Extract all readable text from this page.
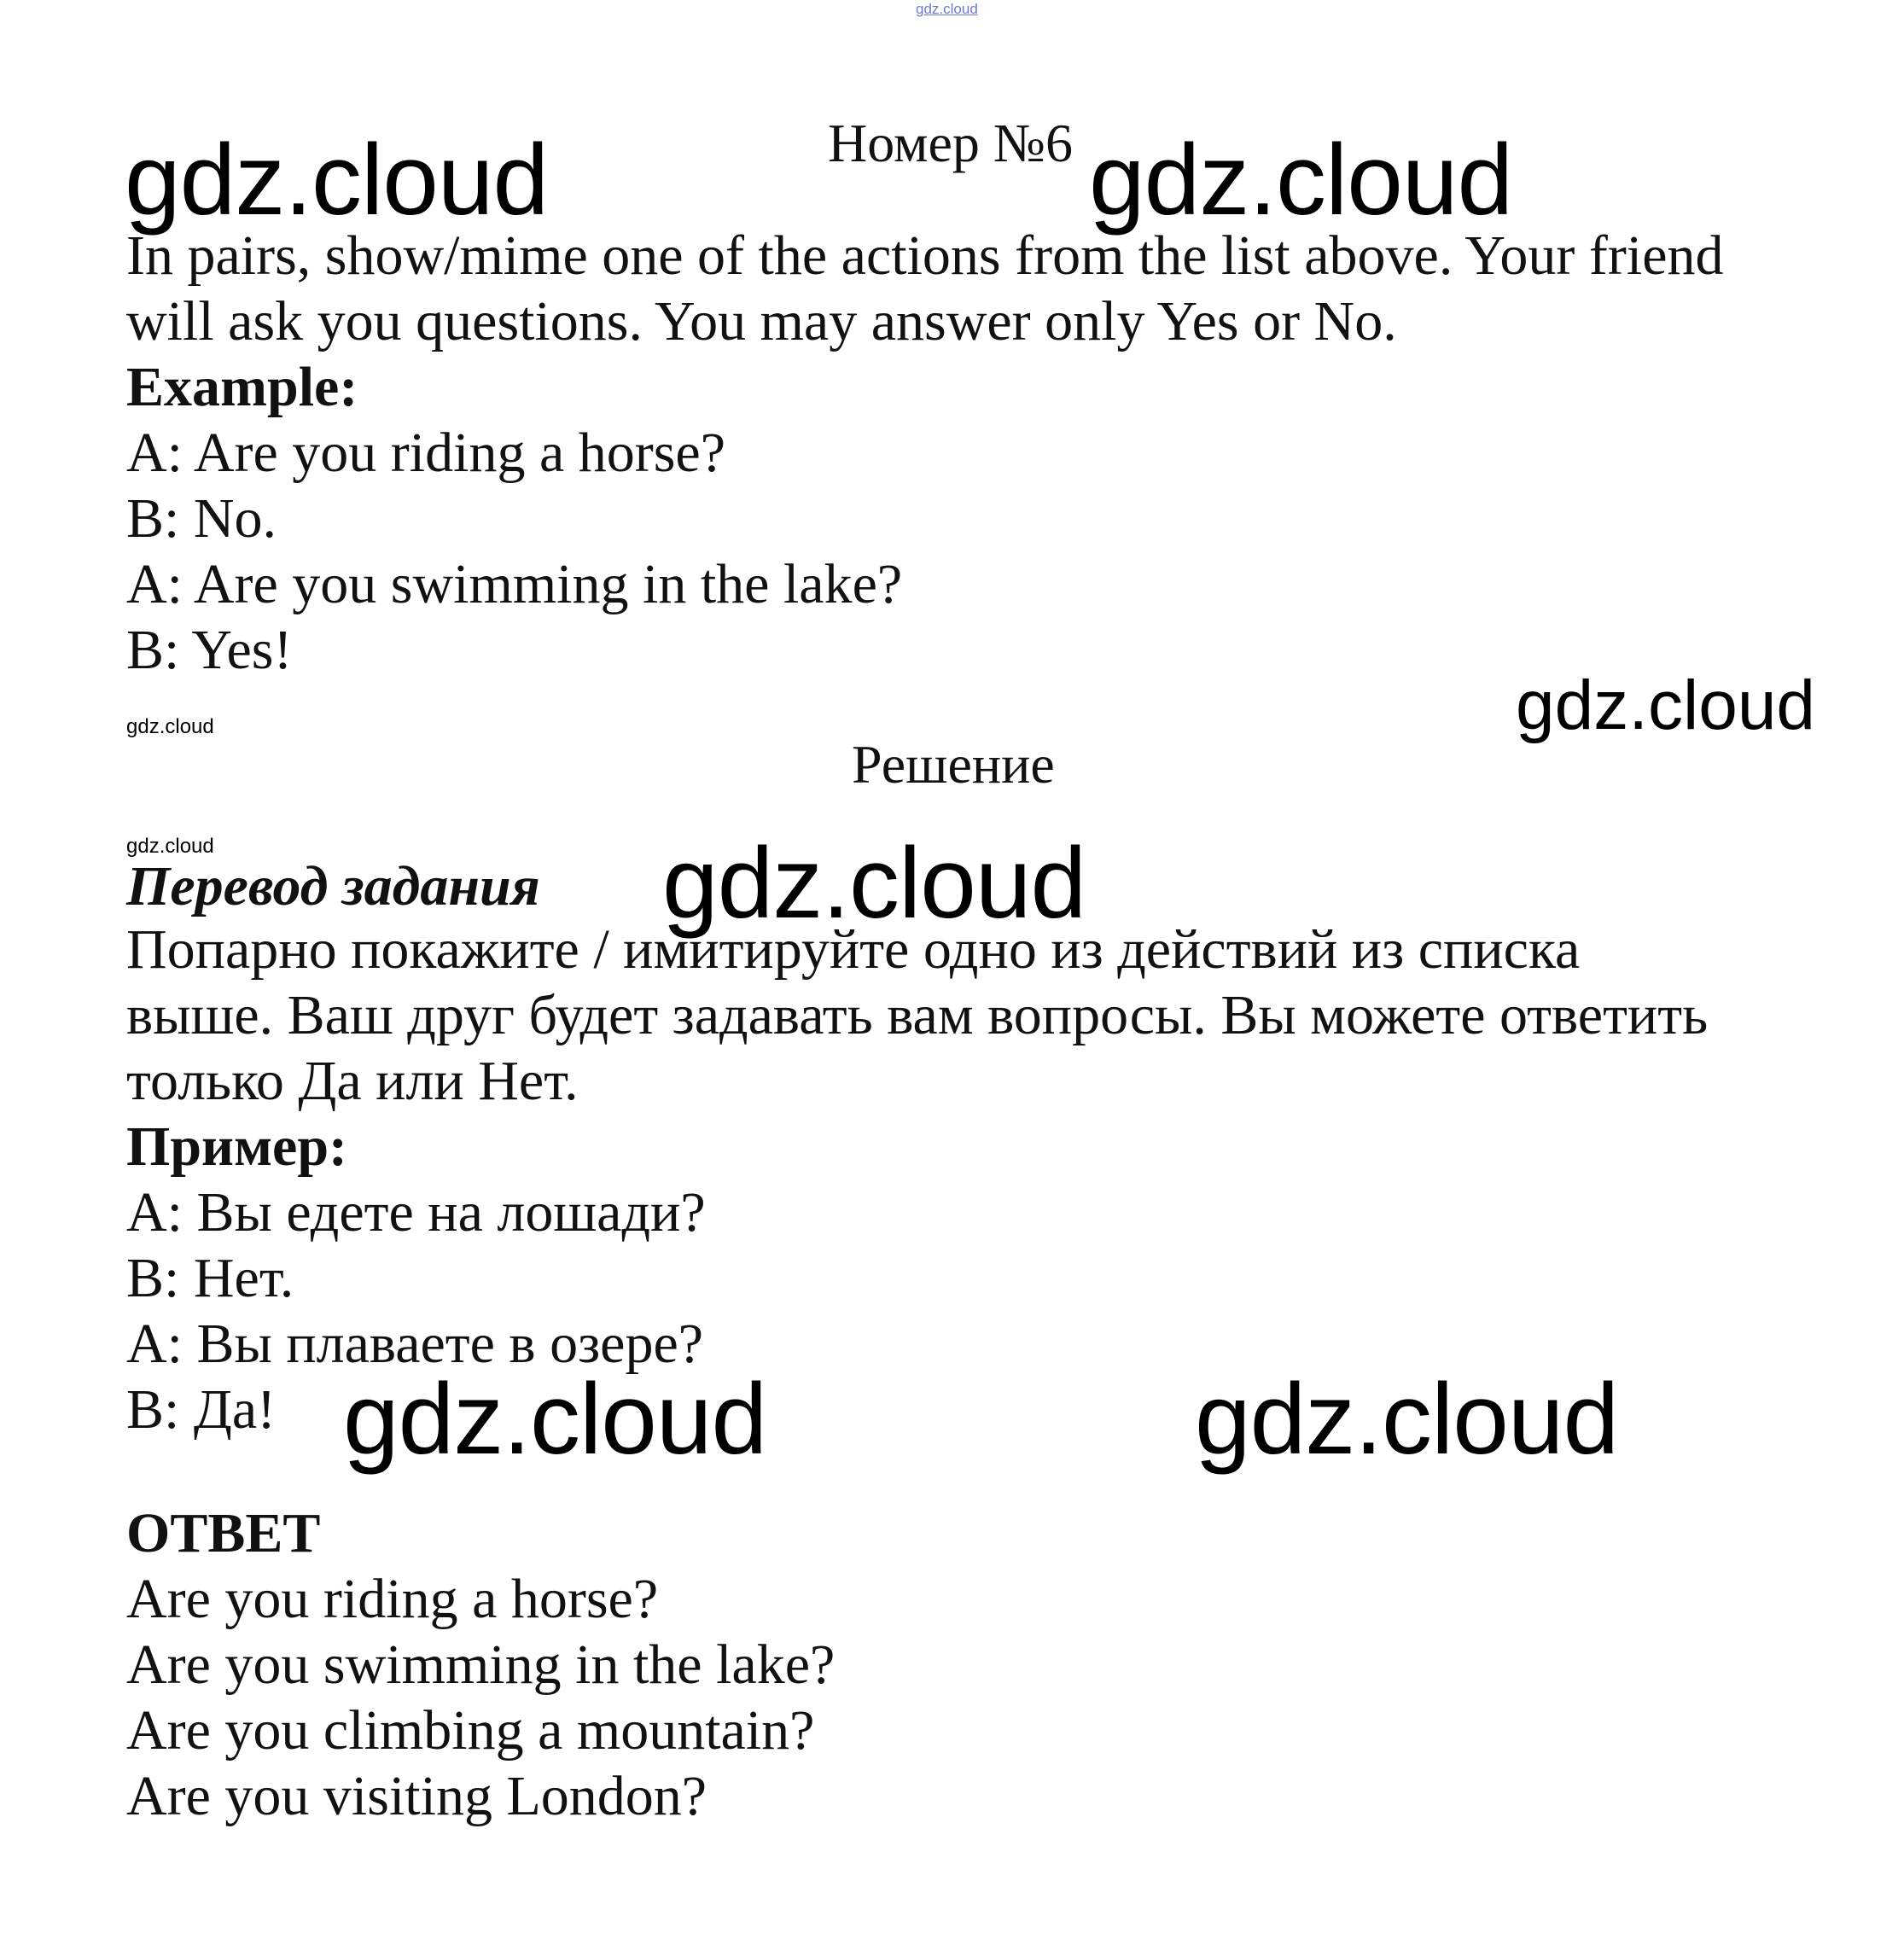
gdz.cloud
gdz.cloud	Номер №6 gdz.cloud
In pairs, show/mime one of the actions from the list above. Your friend
will ask you questions. You may answer only Yes or No.
Example:
A: Are you riding a horse?
B: No.
A: Are you swimming in the lake?
B: Yes!
gdz.cloud
gdz.cloud
Решение
gdz.cloud
Перевод задания gdz.cloud
Попарно покажите / имитируйте одно из действий из списка
выше. Ваш друг будет задавать вам вопросы. Вы можете ответить
только Да или Нет.
Пример:
А: Вы едете на лошади?
В: Нет.
А: Вы плаваете в озере?
В: Да! gdz.cloud	gdz.cloud
ОТВЕТ
Are you riding a horse?
Are you swimming in the lake?
Are you climbing a mountain?
Are you visiting London?
